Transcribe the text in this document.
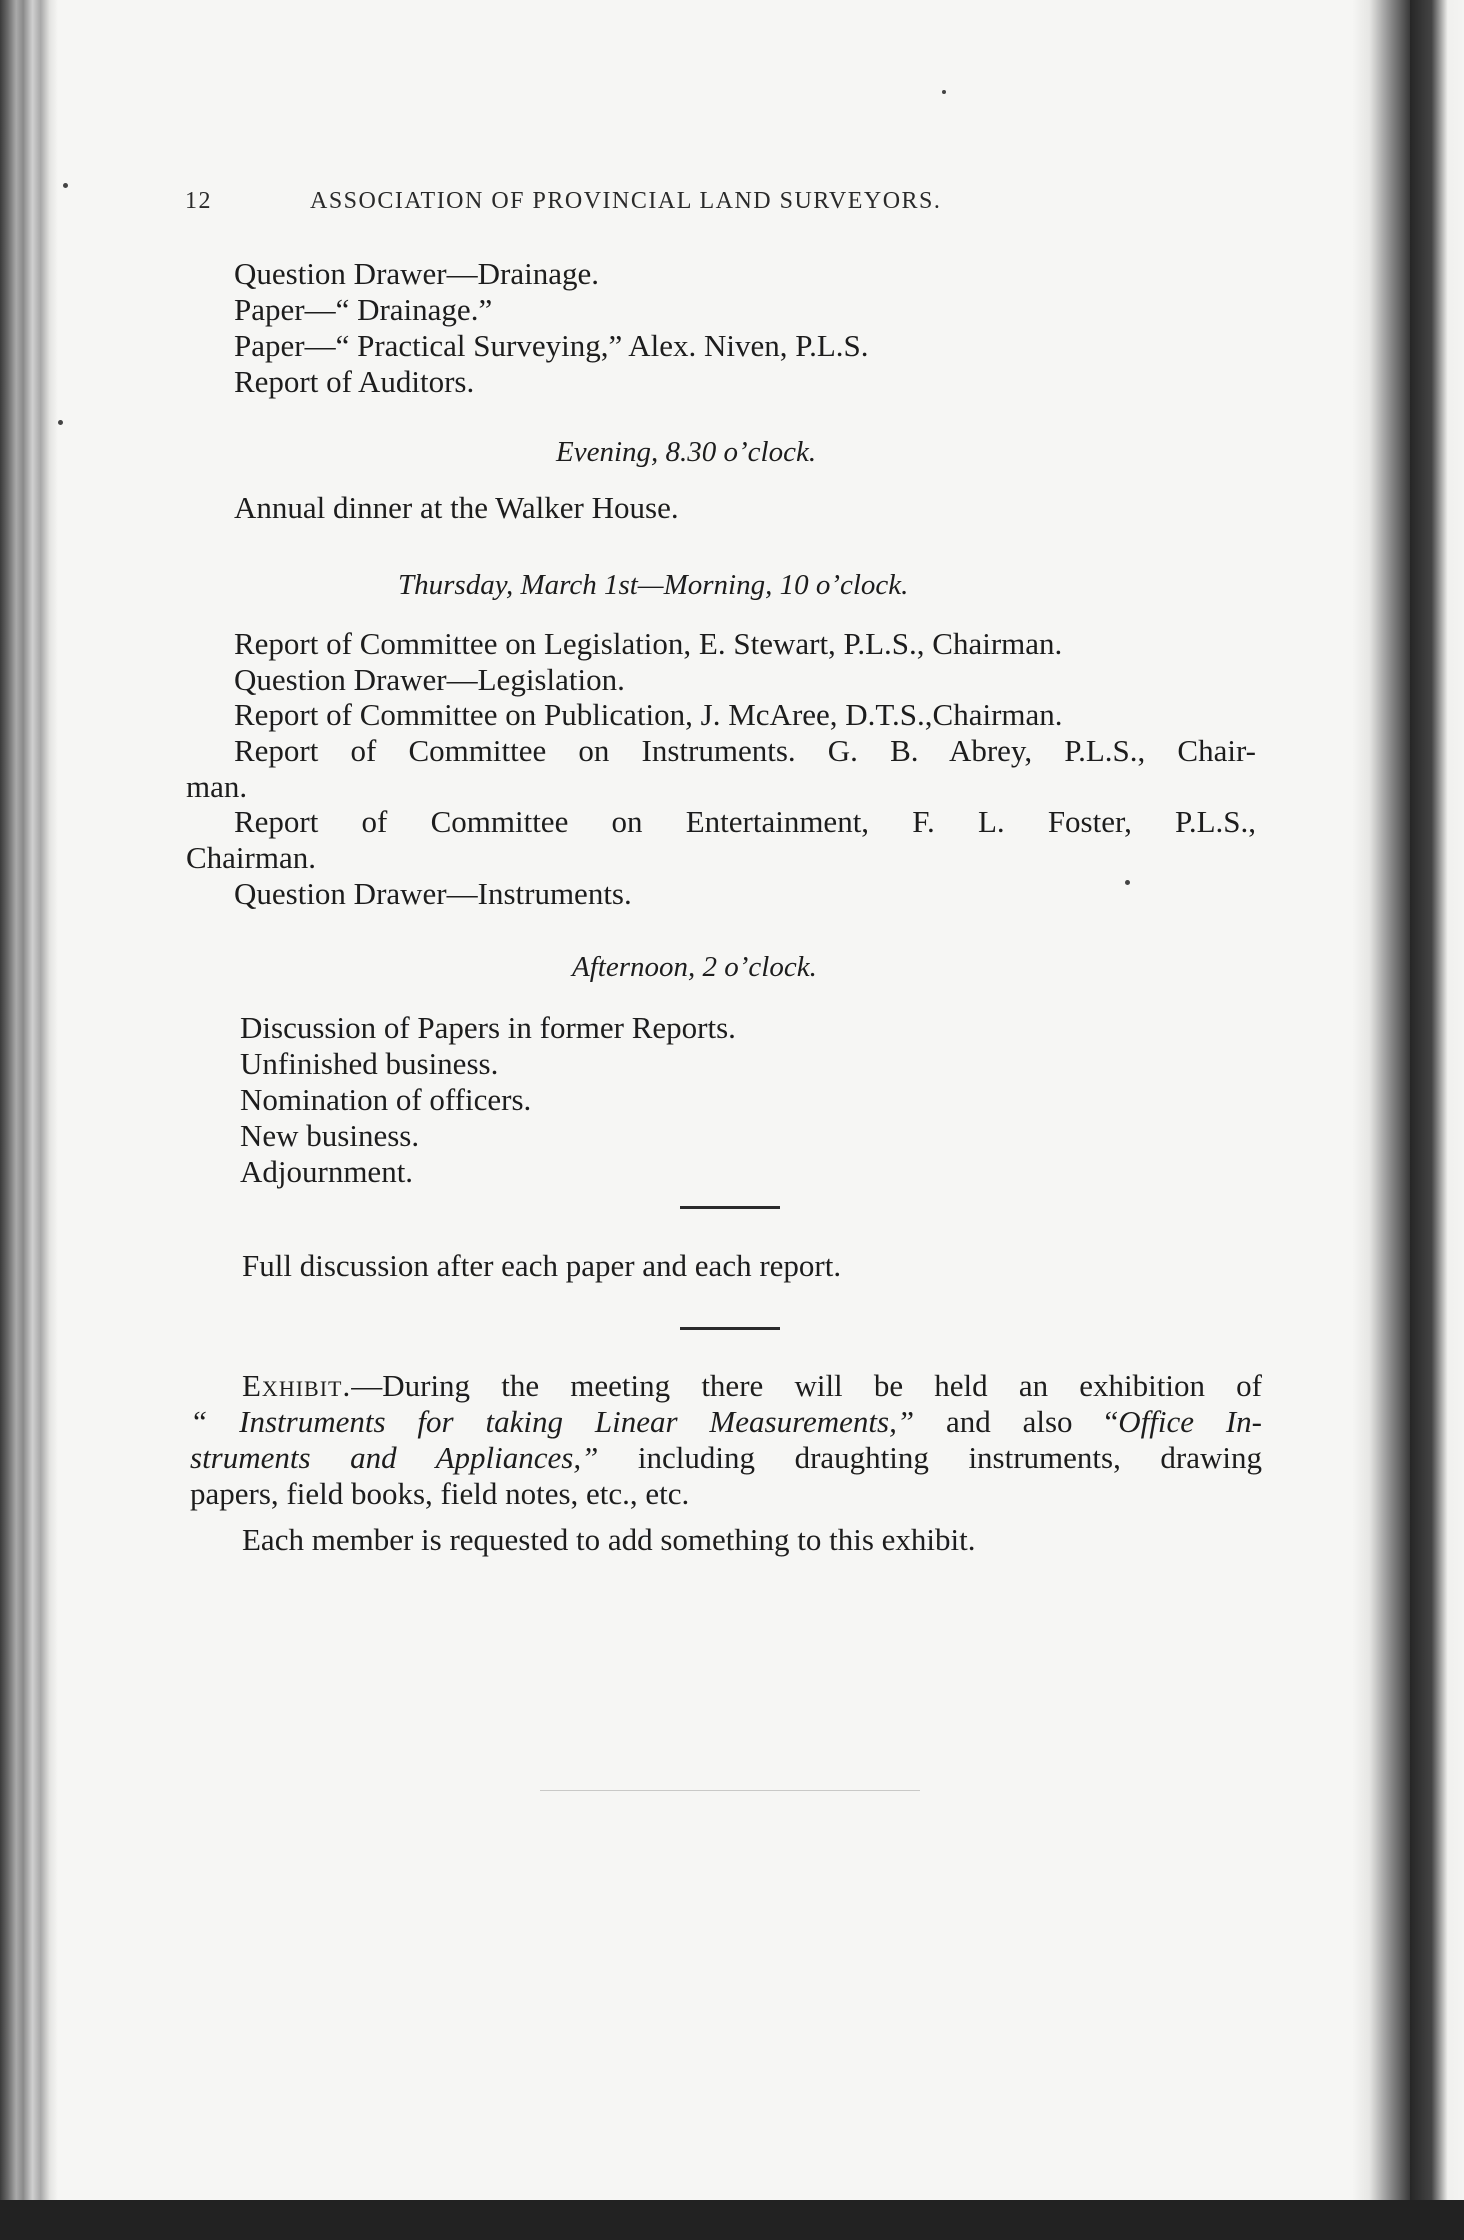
12	ASSOCIATION OF PROVINCIAL LAND SURVEYORS.
Question Drawer—Drainage.
Paper—“ Drainage.”
Paper—“ Practical Surveying,” Alex. Niven, P.L.S.
Report of Auditors.
Evening, 8.30 o’clock.
Annual dinner at the Walker House.
Thursday, March 1st—Morning, 10 o’clock.
Report of Committee on Legislation, E. Stewart, P.L.S., Chairman.
Question Drawer—Legislation.
Report of Committee on Publication, J. McAree, D.T.S.,Chairman.
Report of Committee on Instruments. G. B. Abrey, P.L.S., Chair-
man.
Report of Committee on Entertainment, F. L. Foster, P.L.S.,
Chairman.
Question Drawer—Instruments.
Afternoon, 2 o’clock.
Discussion of Papers in former Reports.
Unfinished business.
Nomination of officers.
New business.
Adjournment.
Full discussion after each paper and each report.
Exhibit.—During the meeting there will be held an exhibition of
“ Instruments for taking Linear Measurements,” and also “Office In-
struments and Appliances,” including draughting instruments, drawing
papers, field books, field notes, etc., etc.
Each member is requested to add something to this exhibit.
